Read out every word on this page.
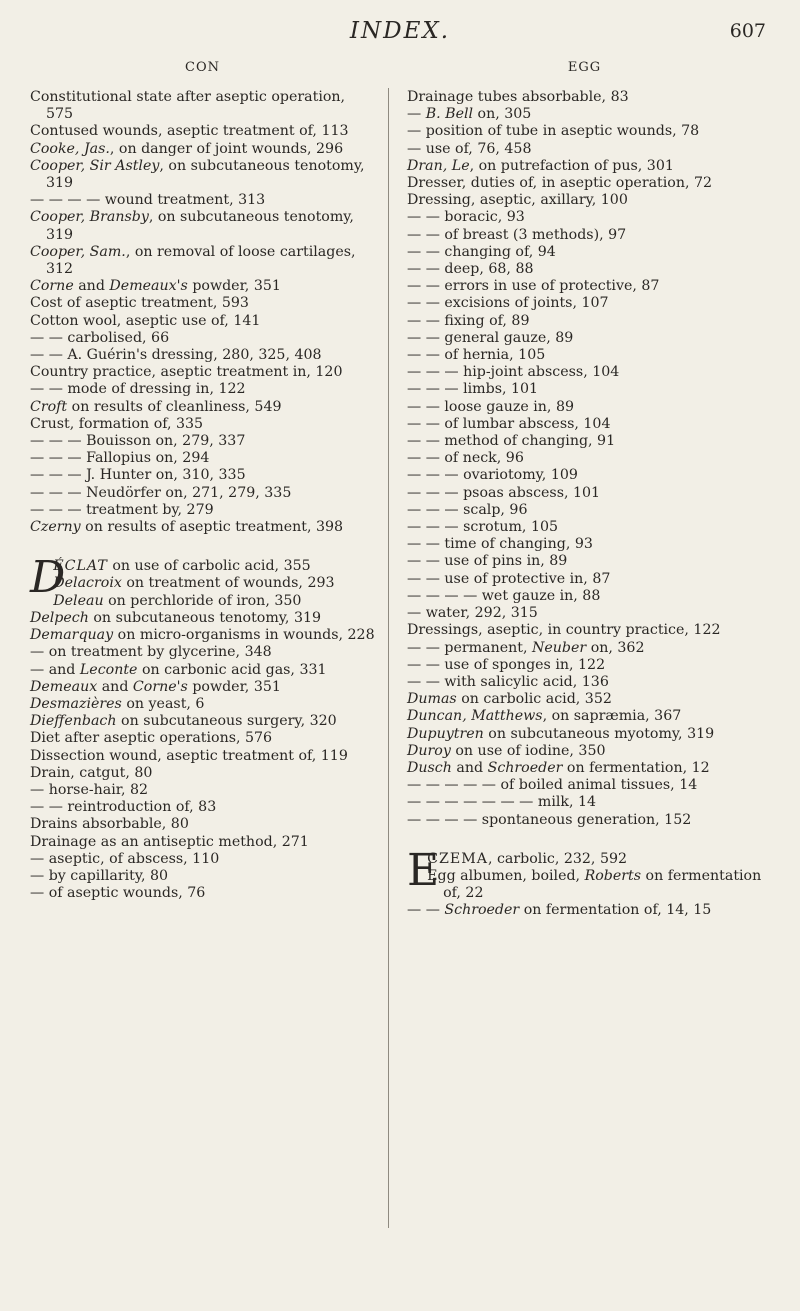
INDEX.	607
CON
Constitutional state after aseptic operation, 575
Contused wounds, aseptic treatment of, 113
Cooke, Jas., on danger of joint wounds, 296
Cooper, Sir Astley, on subcutaneous tenotomy, 319
— — — — wound treatment, 313
Cooper, Bransby, on subcutaneous tenotomy, 319
Cooper, Sam., on removal of loose cartilages, 312
Corne and Demeaux's powder, 351
Cost of aseptic treatment, 593
Cotton wool, aseptic use of, 141
— — carbolised, 66
— — A. Guérin's dressing, 280, 325, 408
Country practice, aseptic treatment in, 120
— — mode of dressing in, 122
Croft on results of cleanliness, 549
Crust, formation of, 335
— — — Bouisson on, 279, 337
— — — Fallopius on, 294
— — — J. Hunter on, 310, 335
— — — Neudörfer on, 271, 279, 335
— — — treatment by, 279
Czerny on results of aseptic treatment, 398
D
ÉCLAT on use of carbolic acid, 355
Delacroix on treatment of wounds, 293
Deleau on perchloride of iron, 350
Delpech on subcutaneous tenotomy, 319
Demarquay on micro-organisms in wounds, 228
— on treatment by glycerine, 348
— and Leconte on carbonic acid gas, 331
Demeaux and Corne's powder, 351
Desmazières on yeast, 6
Dieffenbach on subcutaneous surgery, 320
Diet after aseptic operations, 576
Dissection wound, aseptic treatment of, 119
Drain, catgut, 80
— horse-hair, 82
— — reintroduction of, 83
Drains absorbable, 80
Drainage as an antiseptic method, 271
— aseptic, of abscess, 110
— by capillarity, 80
— of aseptic wounds, 76
EGG
Drainage tubes absorbable, 83
— B. Bell on, 305
— position of tube in aseptic wounds, 78
— use of, 76, 458
Dran, Le, on putrefaction of pus, 301
Dresser, duties of, in aseptic operation, 72
Dressing, aseptic, axillary, 100
— — boracic, 93
— — of breast (3 methods), 97
— — changing of, 94
— — deep, 68, 88
— — errors in use of protective, 87
— — excisions of joints, 107
— — fixing of, 89
— — general gauze, 89
— — of hernia, 105
— — — hip-joint abscess, 104
— — — limbs, 101
— — loose gauze in, 89
— — of lumbar abscess, 104
— — method of changing, 91
— — of neck, 96
— — — ovariotomy, 109
— — — psoas abscess, 101
— — — scalp, 96
— — — scrotum, 105
— — time of changing, 93
— — use of pins in, 89
— — use of protective in, 87
— — — — wet gauze in, 88
— water, 292, 315
Dressings, aseptic, in country practice, 122
— — permanent, Neuber on, 362
— — use of sponges in, 122
— — with salicylic acid, 136
Dumas on carbolic acid, 352
Duncan, Matthews, on sapræmia, 367
Dupuytren on subcutaneous myotomy, 319
Duroy on use of iodine, 350
Dusch and Schroeder on fermentation, 12
— — — — — of boiled animal tissues, 14
— — — — — — — milk, 14
— — — — spontaneous generation, 152
E
CZEMA, carbolic, 232, 592
Egg albumen, boiled, Roberts on fermentation of, 22
— — Schroeder on fermentation of, 14, 15
